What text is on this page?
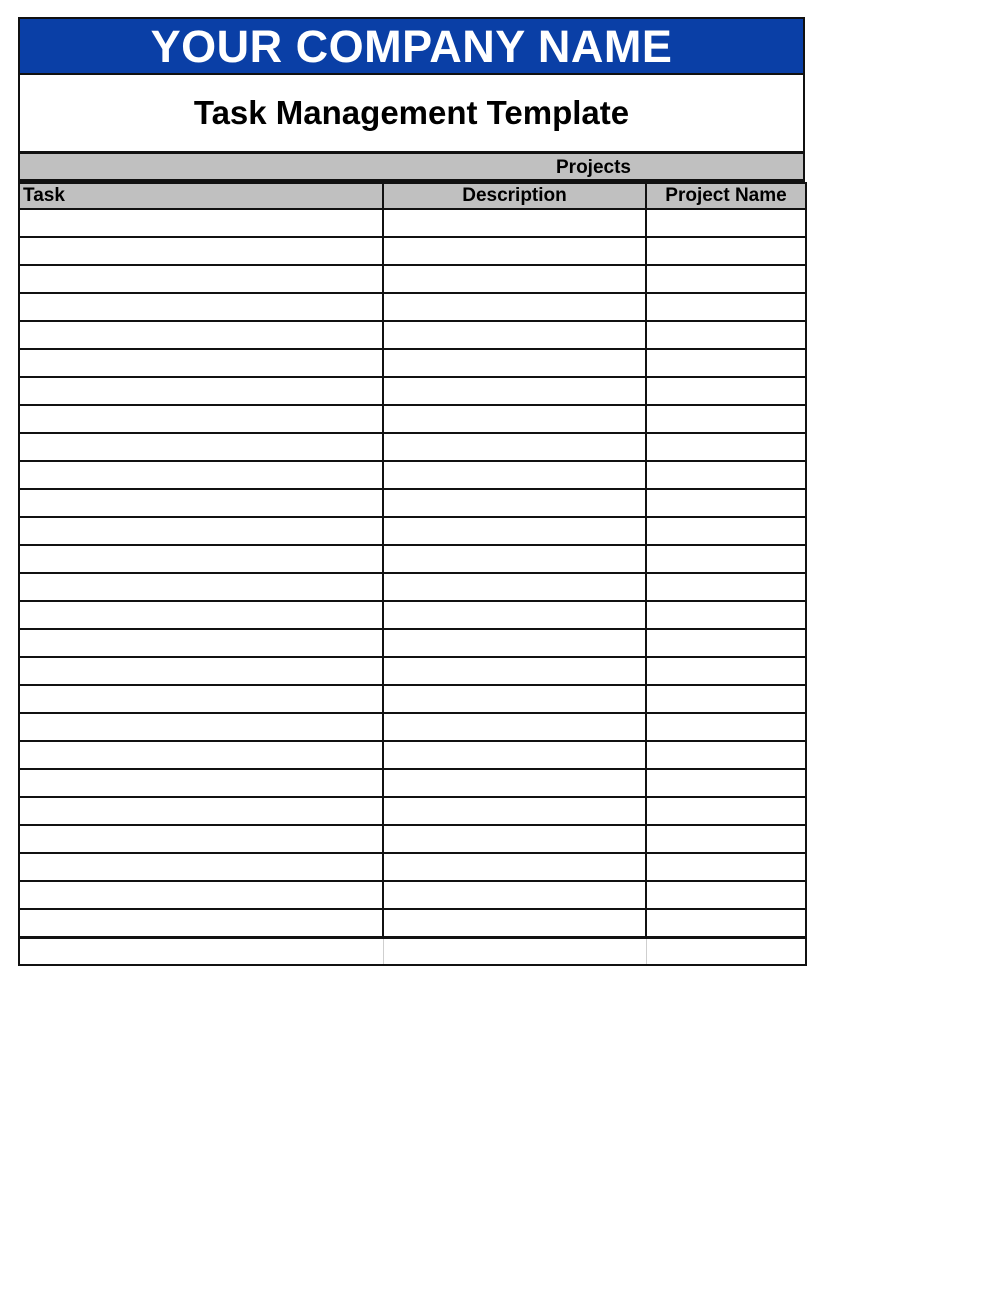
YOUR COMPANY NAME
Task Management Template
Projects
Task	Description	Project Name
